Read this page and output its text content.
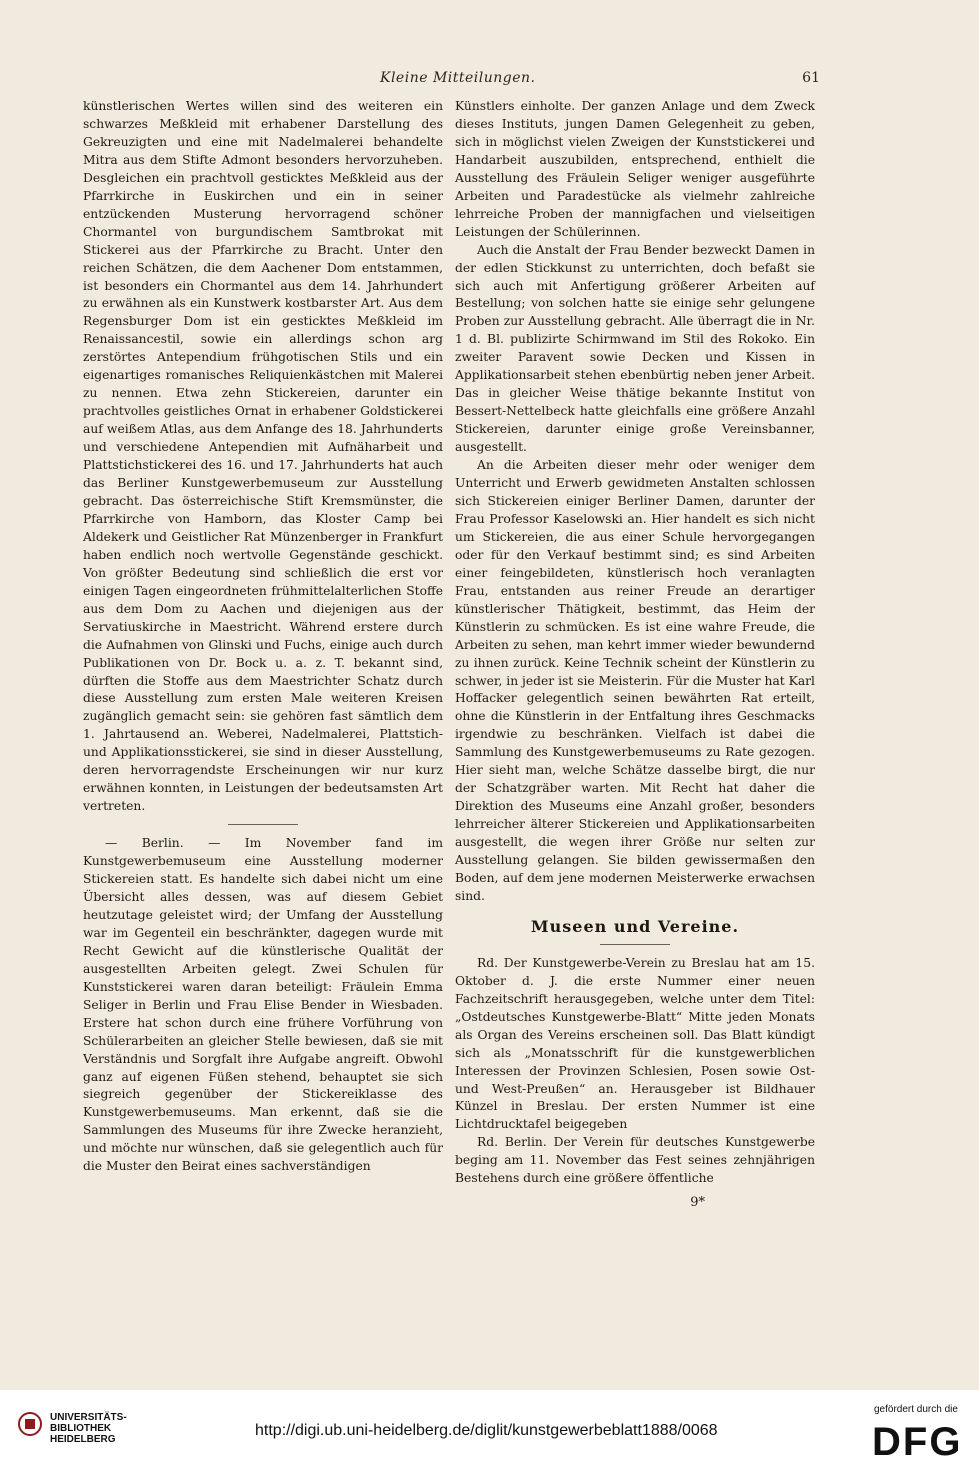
Kleine Mitteilungen.	61

künstlerischen Wertes willen sind des weiteren ein schwarzes Meßkleid mit erhabener Darstellung des Gekreuzigten und eine mit Nadelmalerei behandelte Mitra aus dem Stifte Admont besonders hervorzuheben. Desgleichen ein prachtvoll gesticktes Meßkleid aus der Pfarrkirche in Euskirchen und ein in seiner entzückenden Musterung hervorragend schöner Chormantel von burgundischem Samtbrokat mit Stickerei aus der Pfarrkirche zu Bracht. Unter den reichen Schätzen, die dem Aachener Dom entstammen, ist besonders ein Chormantel aus dem 14. Jahrhundert zu erwähnen als ein Kunstwerk kostbarster Art. Aus dem Regensburger Dom ist ein gesticktes Meßkleid im Renaissancestil, sowie ein allerdings schon arg zerstörtes Antependium frühgotischen Stils und ein eigenartiges romanisches Reliquienkästchen mit Malerei zu nennen. Etwa zehn Stickereien, darunter ein prachtvolles geistliches Ornat in erhabener Goldstickerei auf weißem Atlas, aus dem Anfange des 18. Jahrhunderts und verschiedene Antependien mit Aufnäharbeit und Plattstichstickerei des 16. und 17. Jahrhunderts hat auch das Berliner Kunstgewerbemuseum zur Ausstellung gebracht. Das österreichische Stift Kremsmünster, die Pfarrkirche von Hamborn, das Kloster Camp bei Aldekerk und Geistlicher Rat Münzenberger in Frankfurt haben endlich noch wertvolle Gegenstände geschickt. Von größter Bedeutung sind schließlich die erst vor einigen Tagen eingeordneten frühmittelalterlichen Stoffe aus dem Dom zu Aachen und diejenigen aus der Servatiuskirche in Maestricht. Während erstere durch die Aufnahmen von Glinski und Fuchs, einige auch durch Publikationen von Dr. Bock u. a. z. T. bekannt sind, dürften die Stoffe aus dem Maestrichter Schatz durch diese Ausstellung zum ersten Male weiteren Kreisen zugänglich gemacht sein: sie gehören fast sämtlich dem 1. Jahrtausend an. Weberei, Nadelmalerei, Plattstich- und Applikationsstickerei, sie sind in dieser Ausstellung, deren hervorragendste Erscheinungen wir nur kurz erwähnen konnten, in Leistungen der bedeutsamsten Art vertreten.

— Berlin. — Im November fand im Kunstgewerbemuseum eine Ausstellung moderner Stickereien statt. Es handelte sich dabei nicht um eine Übersicht alles dessen, was auf diesem Gebiet heutzutage geleistet wird; der Umfang der Ausstellung war im Gegenteil ein beschränkter, dagegen wurde mit Recht Gewicht auf die künstlerische Qualität der ausgestellten Arbeiten gelegt. Zwei Schulen für Kunststickerei waren daran beteiligt: Fräulein Emma Seliger in Berlin und Frau Elise Bender in Wiesbaden. Erstere hat schon durch eine frühere Vorführung von Schülerarbeiten an gleicher Stelle bewiesen, daß sie mit Verständnis und Sorgfalt ihre Aufgabe angreift. Obwohl ganz auf eigenen Füßen stehend, behauptet sie sich siegreich gegenüber der Stickereiklasse des Kunstgewerbemuseums. Man erkennt, daß sie die Sammlungen des Museums für ihre Zwecke heranzieht, und möchte nur wünschen, daß sie gelegentlich auch für die Muster den Beirat eines sachverständigen

Künstlers einholte. Der ganzen Anlage und dem Zweck dieses Instituts, jungen Damen Gelegenheit zu geben, sich in möglichst vielen Zweigen der Kunststickerei und Handarbeit auszubilden, entsprechend, enthielt die Ausstellung des Fräulein Seliger weniger ausgeführte Arbeiten und Paradestücke als vielmehr zahlreiche lehrreiche Proben der mannigfachen und vielseitigen Leistungen der Schülerinnen.

Auch die Anstalt der Frau Bender bezweckt Damen in der edlen Stickkunst zu unterrichten, doch befaßt sie sich auch mit Anfertigung größerer Arbeiten auf Bestellung; von solchen hatte sie einige sehr gelungene Proben zur Ausstellung gebracht. Alle überragt die in Nr. 1 d. Bl. publizirte Schirmwand im Stil des Rokoko. Ein zweiter Paravent sowie Decken und Kissen in Applikationsarbeit stehen ebenbürtig neben jener Arbeit. Das in gleicher Weise thätige bekannte Institut von Bessert-Nettelbeck hatte gleichfalls eine größere Anzahl Stickereien, darunter einige große Vereinsbanner, ausgestellt.

An die Arbeiten dieser mehr oder weniger dem Unterricht und Erwerb gewidmeten Anstalten schlossen sich Stickereien einiger Berliner Damen, darunter der Frau Professor Kaselowski an. Hier handelt es sich nicht um Stickereien, die aus einer Schule hervorgegangen oder für den Verkauf bestimmt sind; es sind Arbeiten einer feingebildeten, künstlerisch hoch veranlagten Frau, entstanden aus reiner Freude an derartiger künstlerischer Thätigkeit, bestimmt, das Heim der Künstlerin zu schmücken. Es ist eine wahre Freude, die Arbeiten zu sehen, man kehrt immer wieder bewundernd zu ihnen zurück. Keine Technik scheint der Künstlerin zu schwer, in jeder ist sie Meisterin. Für die Muster hat Karl Hoffacker gelegentlich seinen bewährten Rat erteilt, ohne die Künstlerin in der Entfaltung ihres Geschmacks irgendwie zu beschränken. Vielfach ist dabei die Sammlung des Kunstgewerbemuseums zu Rate gezogen. Hier sieht man, welche Schätze dasselbe birgt, die nur der Schatzgräber warten. Mit Recht hat daher die Direktion des Museums eine Anzahl großer, besonders lehrreicher älterer Stickereien und Applikationsarbeiten ausgestellt, die wegen ihrer Größe nur selten zur Ausstellung gelangen. Sie bilden gewissermaßen den Boden, auf dem jene modernen Meisterwerke erwachsen sind.

Museen und Vereine.

Rd. Der Kunstgewerbe-Verein zu Breslau hat am 15. Oktober d. J. die erste Nummer einer neuen Fachzeitschrift herausgegeben, welche unter dem Titel: „Ostdeutsches Kunstgewerbe-Blatt“ Mitte jeden Monats als Organ des Vereins erscheinen soll. Das Blatt kündigt sich als „Monatsschrift für die kunstgewerblichen Interessen der Provinzen Schlesien, Posen sowie Ost- und West-Preußen“ an. Herausgeber ist Bildhauer Künzel in Breslau. Der ersten Nummer ist eine Lichtdrucktafel beigegeben

Rd. Berlin. Der Verein für deutsches Kunstgewerbe beging am 11. November das Fest seines zehnjährigen Bestehens durch eine größere öffentliche

9*
UNIVERSITÄTS-
BIBLIOTHEK
HEIDELBERG
http://digi.ub.uni-heidelberg.de/diglit/kunstgewerbeblatt1888/0068
gefördert durch die
DFG
